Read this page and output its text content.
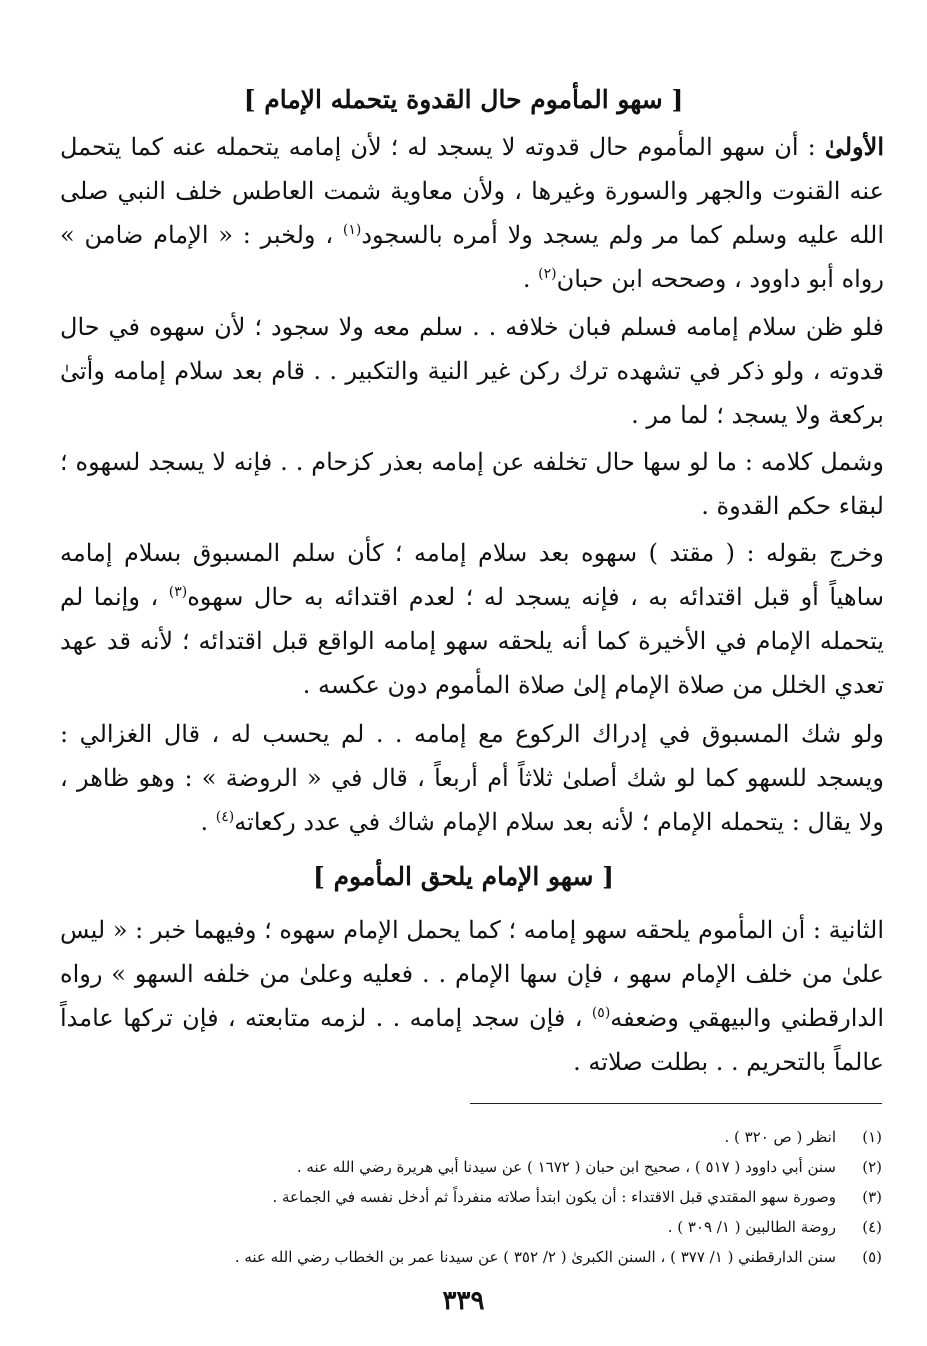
[ سهو المأموم حال القدوة يتحمله الإمام ]

الأولىٰ : أن سهو المأموم حال قدوته لا يسجد له ؛ لأن إمامه يتحمله عنه كما يتحمل عنه القنوت والجهر والسورة وغيرها ، ولأن معاوية شمت العاطس خلف النبي صلى الله عليه وسلم كما مر ولم يسجد ولا أمره بالسجود$^{(١)}$ ، ولخبر : « الإمام ضامن » رواه أبو داوود ، وصححه ابن حبان$^{(٢)}$ .

فلو ظن سلام إمامه فسلم فبان خلافه . . سلم معه ولا سجود ؛ لأن سهوه في حال قدوته ، ولو ذكر في تشهده ترك ركن غير النية والتكبير . . قام بعد سلام إمامه وأتىٰ بركعة ولا يسجد ؛ لما مر .

وشمل كلامه : ما لو سها حال تخلفه عن إمامه بعذر كزحام . . فإنه لا يسجد لسهوه ؛ لبقاء حكم القدوة .

وخرج بقوله : ( مقتد ) سهوه بعد سلام إمامه ؛ كأن سلم المسبوق بسلام إمامه ساهياً أو قبل اقتدائه به ، فإنه يسجد له ؛ لعدم اقتدائه به حال سهوه$^{(٣)}$ ، وإنما لم يتحمله الإمام في الأخيرة كما أنه يلحقه سهو إمامه الواقع قبل اقتدائه ؛ لأنه قد عهد تعدي الخلل من صلاة الإمام إلىٰ صلاة المأموم دون عكسه .

ولو شك المسبوق في إدراك الركوع مع إمامه . . لم يحسب له ، قال الغزالي : ويسجد للسهو كما لو شك أصلىٰ ثلاثاً أم أربعاً ، قال في « الروضة » : وهو ظاهر ، ولا يقال : يتحمله الإمام ؛ لأنه بعد سلام الإمام شاك في عدد ركعاته$^{(٤)}$ .

[ سهو الإمام يلحق المأموم ]

الثانية : أن المأموم يلحقه سهو إمامه ؛ كما يحمل الإمام سهوه ؛ وفيهما خبر : « ليس علىٰ من خلف الإمام سهو ، فإن سها الإمام . . فعليه وعلىٰ من خلفه السهو » رواه الدارقطني والبيهقي وضعفه$^{(٥)}$ ، فإن سجد إمامه . . لزمه متابعته ، فإن تركها عامداً عالماً بالتحريم . . بطلت صلاته .

(١)
انظر ( ص ٣٢٠ ) .
(٢)
سنن أبي داوود ( ٥١٧ ) ، صحيح ابن حبان ( ١٦٧٢ ) عن سيدنا أبي هريرة رضي الله عنه .
(٣)
وصورة سهو المقتدي قبل الاقتداء : أن يكون ابتدأ صلاته منفرداً ثم أدخل نفسه في الجماعة .
(٤)
روضة الطالبين ( ١/ ٣٠٩ ) .
(٥)
سنن الدارقطني ( ١/ ٣٧٧ ) ، السنن الكبرىٰ ( ٢/ ٣٥٢ ) عن سيدنا عمر بن الخطاب رضي الله عنه .
٣٣٩
